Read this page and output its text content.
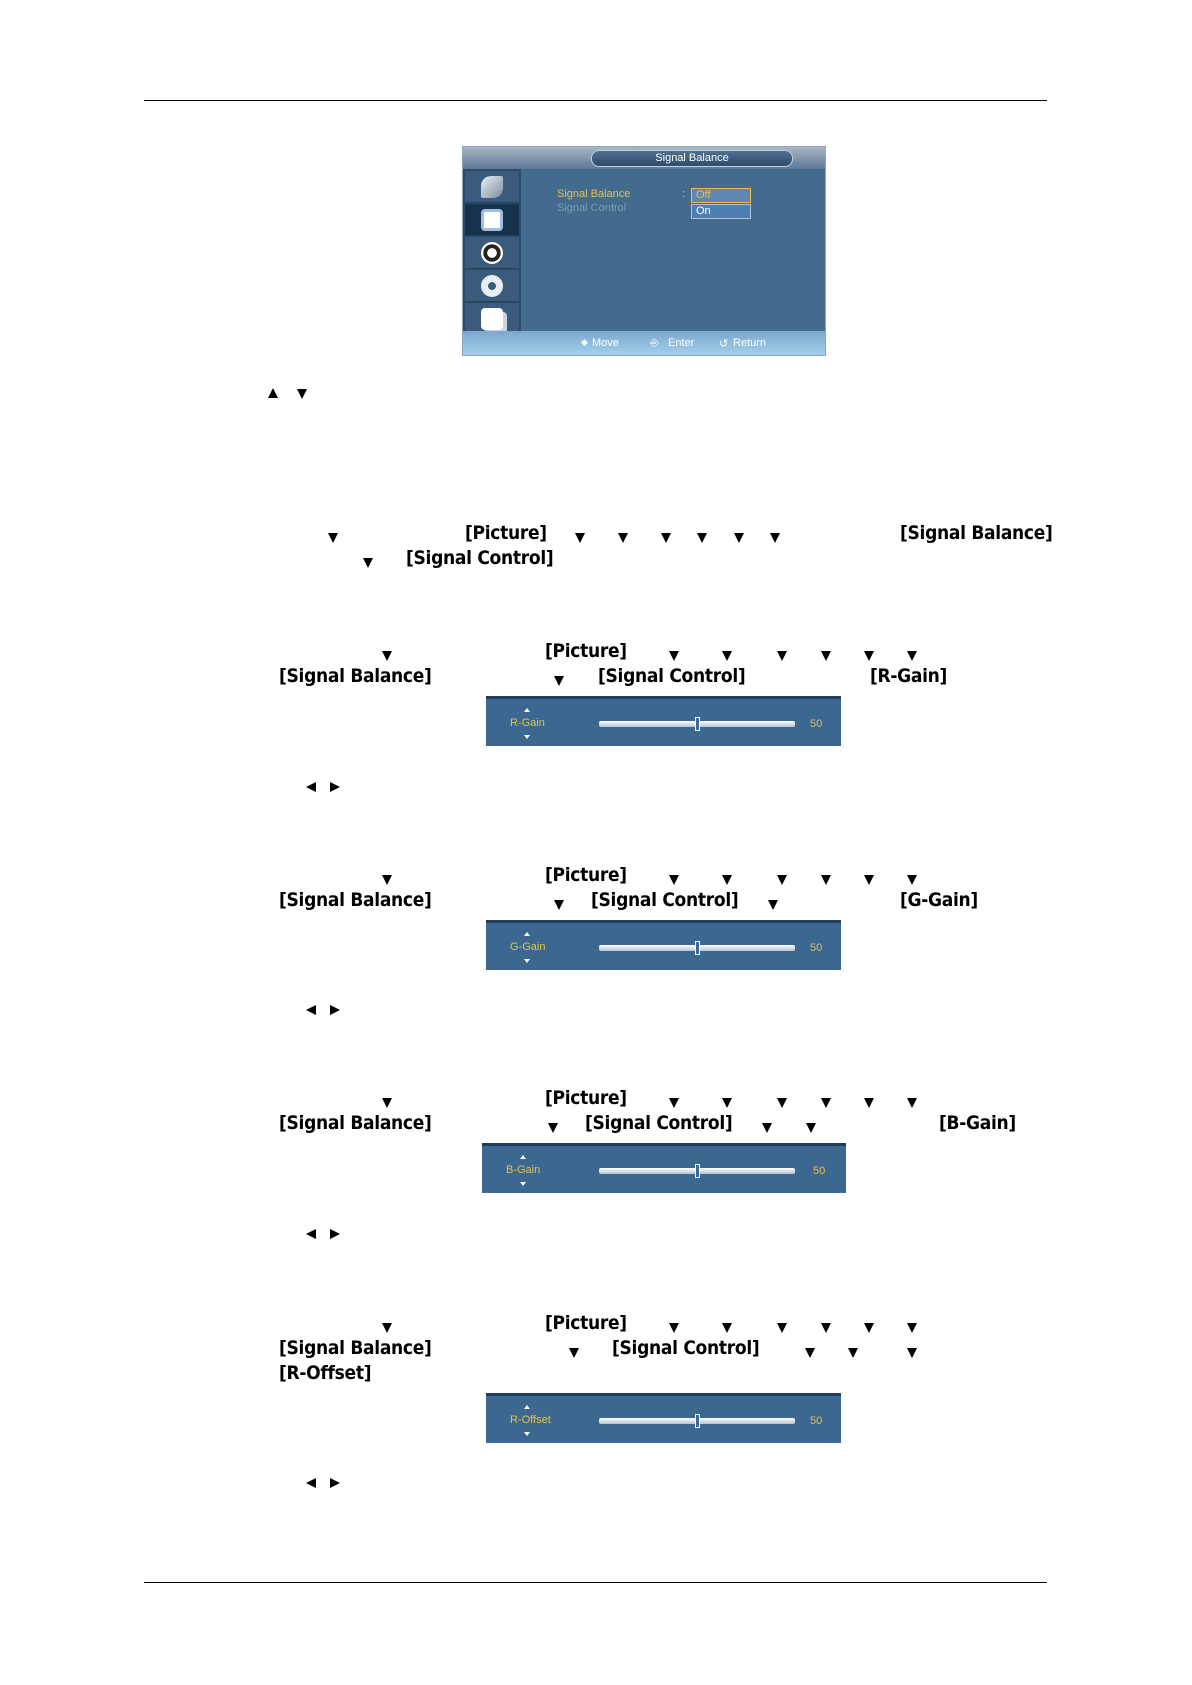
Signal Balance
Signal Balance
Signal Control
: Off
On
◆ Move	⎆ Enter ↺ Return
[Picture]	[Signal Balance]
[Signal Control]
[Picture]
[Signal Balance]	[Signal Control]	[R-Gain]
R-Gain	50
[Picture]
[Signal Balance]	[Signal Control]	[G-Gain]
G-Gain	50
[Picture]
[Signal Balance]	[Signal Control]	[B-Gain]
B-Gain	50
[Picture]
[Signal Balance]	[Signal Control]
[R-Offset]
R-Offset	50
